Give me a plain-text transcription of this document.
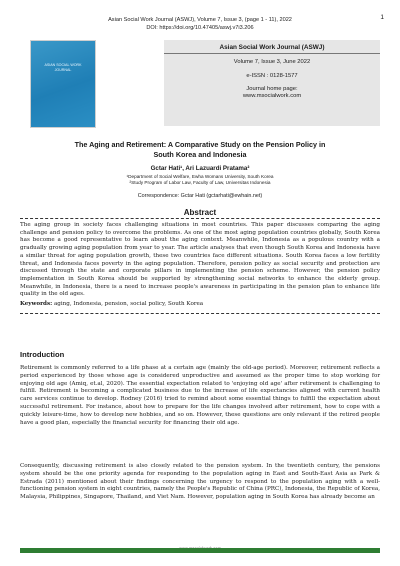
Asian Social Work Journal (ASWJ), Volume 7, Issue 3, (page 1 - 11), 2022
DOI: https://doi.org/10.47405/aswj.v7i3.206
1
ASIAN SOCIAL WORK
JOURNAL
Asian Social Work Journal (ASWJ)
Volume 7, Issue 3, June 2022
e-ISSN : 0128-1577
Journal home page:
www.msocialwork.com
The Aging and Retirement: A Comparative Study on the Pension Policy in
South Korea and Indonesia
Gctar Hati¹, Ari Lazuardi Pratama²
¹Department of Social Welfare, Ewha Womans University, South Korea
²Study Program of Labor Law, Faculty of Law, Universitas Indonesia
Correspondence: Gctar Hati (gctarhati@ewhain.net)
Abstract

The aging group in society faces challenging situations in most countries. This paper discusses comparing the aging challenge and pension policy to overcome the problems. As one of the most aging population countries globally, South Korea has become a good representative to learn about the aging context. Meanwhile, Indonesia as a populous country with a gradually growing aging population from year to year. The article analyses that even though South Korea and Indonesia have a similar threat for aging population growth, these two countries face different situations. South Korea faces a low fertility threat, and Indonesia faces poverty in the aging population. Therefore, pension policy as social security and protection are discussed through the state and corporate pillars in implementing the pension scheme. However, the pension policy implementation in South Korea should be supported by strengthening social networks to enhance the elderly group. Meanwhile, in Indonesia, there is a need to increase people's awareness in participating in the pension plan to enhance life quality in the old ages.

Keywords: aging, Indonesia, pension, social policy, South Korea

Introduction

Retirement is commonly referred to a life phase at a certain age (mainly the old-age period). Moreover, retirement reflects a period experienced by those whose age is considered unproductive and assumed as the proper time to stop working for enjoying old age (Amiq, et.al, 2020). The essential expectation related to 'enjoying old age' after retirement is challenging to fulfill. Retirement is becoming a complicated business due to the increase of life expectancies aligned with current health care services continue to develop. Rodney (2016) tried to remind about some essential things to fulfill the expectation about successful retirement. For instance, about how to prepare for the life changes involved after retirement, how to cope with a quickly leisure-time, how to develop new hobbies, and so on. However, these questions are only relevant if the retired people have a good plan, especially the financial security for financing their old age.

Consequently, discussing retirement is also closely related to the pension system. In the twentieth century, the pensions system should be the one priority agenda for responding to the population aging in East and South-East Asia as Park & Estrada (2011) mentioned about their findings concerning the urgency to respond to the population aging with a well-functioning pension system in eight countries, namely the People's Republic of China (PRC), Indonesia, the Republic of Korea, Malaysia, Philippines, Singapore, Thailand, and Viet Nam. However, population aging in South Korea has already become an
